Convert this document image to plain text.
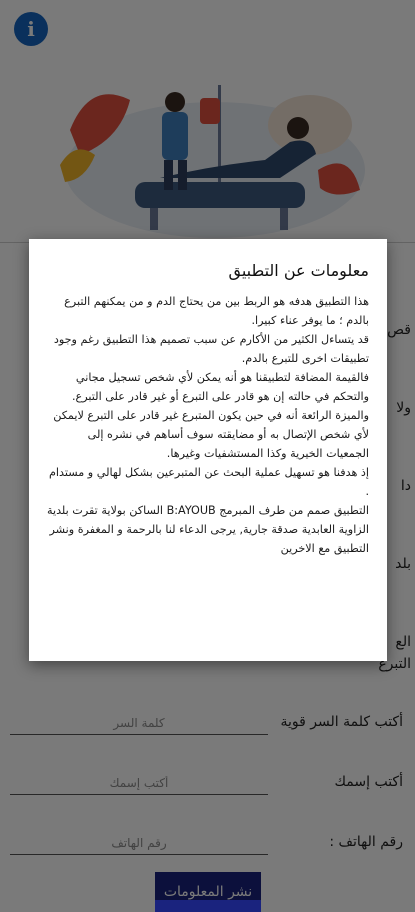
كلمة السر
أكتب إسمك
رقم الهاتف
معلومات عن التطبيق

هذا التطبيق هدفه هو الربط بين من يحتاج الدم و من يمكنهم التبرع بالدم ؛ ما يوفر عناء كبيرا.

قد يتساءل الكثير من الأكارم عن سبب تصميم هذا التطبيق رغم وجود تطبيقات اخرى للتبرع بالدم.

فالقيمة المضافة لتطبيقنا هو أنه يمكن لأي شخص تسجيل مجاني والتحكم في حالته إن هو قادر على التبرع أو غير قادر على التبرع.

والميزة الرائعة أنه في حين يكون المتبرع غير قادر على التبرع لايمكن لأي شخص الإتصال به أو مضايقته سوف أساهم في نشره إلى الجمعيات الخيرية وكذا المستشفيات وغيرها.

إذ هدفنا هو تسهيل عملية البحث عن المتبرعين بشكل لهالي و مستدام .

التطبيق صمم من طرف المبرمج B:AYOUB الساكن بولاية تقرت بلدية الزاوية العابدية صدقة جارية, يرجى الدعاء لنا بالرحمة و المغفرة ونشر التطبيق مع الاخرين
